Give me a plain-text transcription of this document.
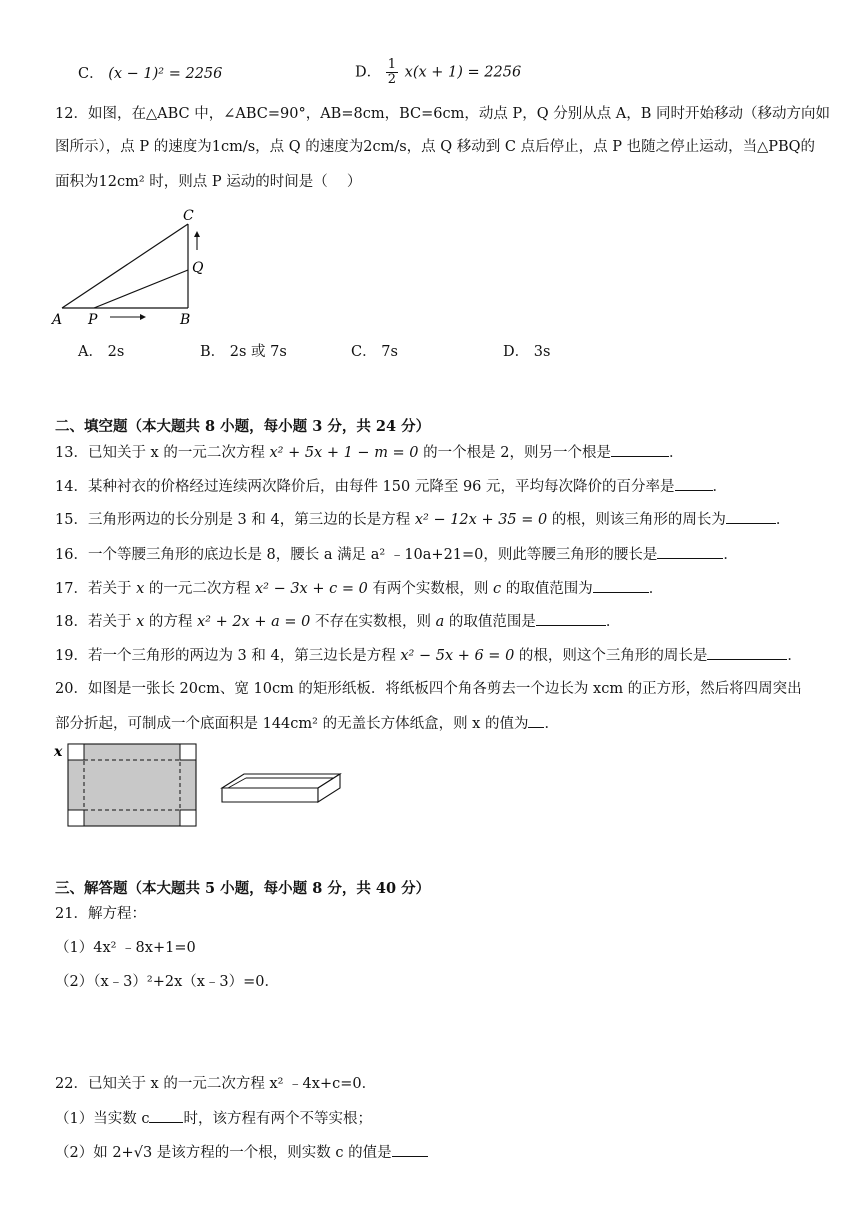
C． (x − 1)² = 2256	D． $\frac{1}{2} x(x + 1) = 2256$
12．如图，在△ABC 中，∠ABC=90°，AB=8cm，BC=6cm，动点 P，Q 分别从点 A，B 同时开始移动（移动方向如
图所示），点 P 的速度为1cm/s，点 Q 的速度为2cm/s，点 Q 移动到 C 点后停止，点 P 也随之停止运动，当△PBQ的
面积为12cm² 时，则点 P 运动的时间是（　 ）
A P	B
C
Q
A． 2s	B． 2s 或 7s	C． 7s	D． 3s
二、填空题（本大题共 8 小题，每小题 3 分，共 24 分）
13．已知关于 x 的一元二次方程 x² + 5x + 1 − m = 0 的一个根是 2，则另一个根是	．
14．某种衬衣的价格经过连续两次降价后，由每件 150 元降至 96 元，平均每次降价的百分率是	．
15．三角形两边的长分别是 3 和 4，第三边的长是方程 x² − 12x + 35 = 0 的根，则该三角形的周长为	．
16．一个等腰三角形的底边长是 8，腰长 a 满足 a² ﹣10a+21=0，则此等腰三角形的腰长是	．
17．若关于 x 的一元二次方程 x² − 3x + c = 0 有两个实数根，则 c 的取值范围为	．
18．若关于 x 的方程 x² + 2x + a = 0 不存在实数根，则 a 的取值范围是	．
19．若一个三角形的两边为 3 和 4，第三边长是方程 x² − 5x + 6 = 0 的根，则这个三角形的周长是	．
20．如图是一张长 20cm、宽 10cm 的矩形纸板．将纸板四个角各剪去一个边长为 xcm 的正方形，然后将四周突出
部分折起，可制成一个底面积是 144cm² 的无盖长方体纸盒，则 x 的值为 ．
x
三、解答题（本大题共 5 小题，每小题 8 分，共 40 分）
21．解方程：
（1）4x² ﹣8x+1=0
（2）（x﹣3）²+2x（x﹣3）=0．
22．已知关于 x 的一元二次方程 x² ﹣4x+c=0．
（1）当实数 c 时，该方程有两个不等实根；
（2）如 2+√3 是该方程的一个根，则实数 c 的值是
